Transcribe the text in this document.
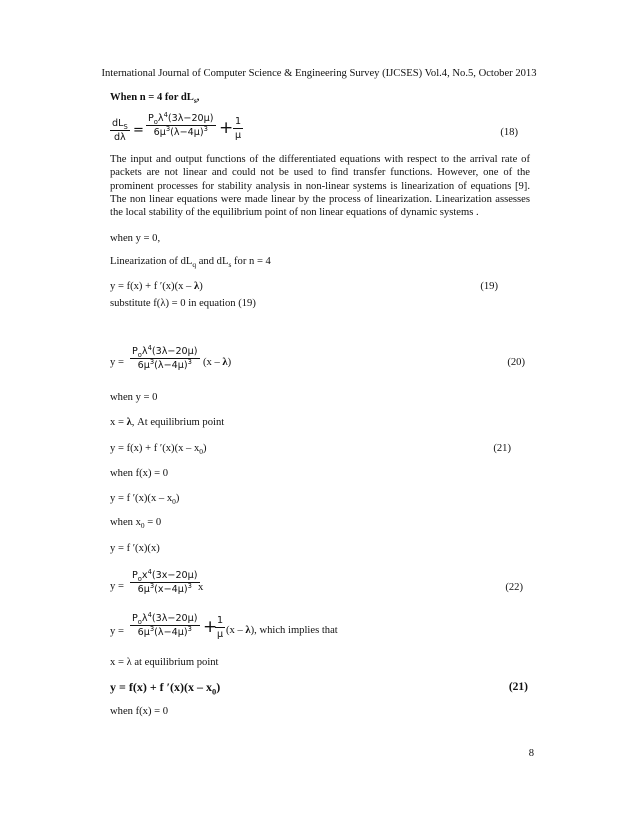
International Journal of Computer Science & Engineering Survey (IJCSES) Vol.4, No.5, October 2013
When n = 4 for $dL_s$,
$dL_S$
dλ =
$P_o\lambda^4(3\lambda-20\mu)$
$6\mu^3(\lambda-4\mu)^3 + \frac{1}{\mu}$	(18)
The input and output functions of the differentiated equations with respect to the arrival rate of packets are not linear and could not be used to find transfer functions. However, one of the prominent processes for stability analysis in non-linear systems is linearization of equations [9]. The non linear equations were made linear by the process of linearization. Linearization assesses the local stability of the equilibrium point of non linear equations of dynamic systems .
when y = 0,
Linearization of $dL_q$ and $dL_s$ for n = 4
y = f(x) + f ′(x)(x – λ)	(19)
substitute f(λ) = 0 in equation (19)
y =
$P_o\lambda^4(3\lambda-20\mu)$
$6\mu^3(\lambda-4\mu)^3$	(x – λ)	(20)
when y = 0
x = λ, At equilibrium point
y = f(x) + f $'(x)(x - x_0)$	(21)
when f(x) = 0
y = f $'(x)(x - x_0)$
when $x_0 = 0$
y = f ′(x)(x)
y =
$P_ox^4(3x-20\mu)$
$6\mu^3(x-4\mu)^3$ x	(22)
y =
$P_o\lambda^4(3\lambda-20\mu)$
$6\mu^3(\lambda-4\mu)^3$ +
$\frac{1}{\mu} (x - \lambda)$, which implies that
x = λ at equilibrium point
y = f(x) + f $'(x)(x - x_0)$	(21)
when f(x) = 0
8
